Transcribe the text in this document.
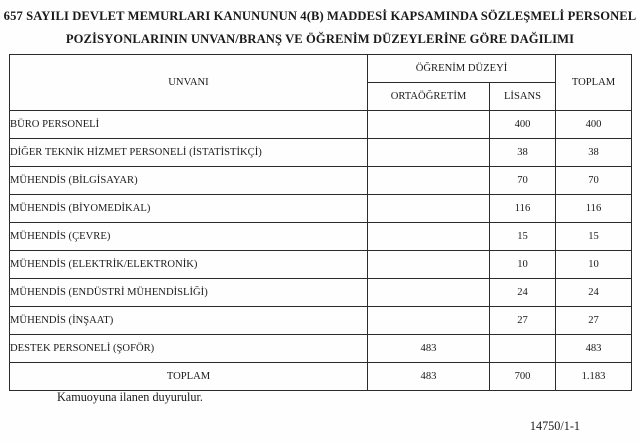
657 SAYILI DEVLET MEMURLARI KANUNUNUN 4(B) MADDESİ KAPSAMINDA SÖZLEŞMELİ PERSONEL
POZİSYONLARININ UNVAN/BRANŞ VE ÖĞRENİM DÜZEYLERİNE GÖRE DAĞILIMI
UNVANI	ÖĞRENİM DÜZEYİ		TOPLAM
	ORTAÖĞRETİM	LİSANS	
BÜRO PERSONELİ		400	400
DİĞER TEKNİK HİZMET PERSONELİ (İSTATİSTİKÇİ)		38	38
MÜHENDİS (BİLGİSAYAR)		70	70
MÜHENDİS (BİYOMEDİKAL)		116	116
MÜHENDİS (ÇEVRE)		15	15
MÜHENDİS (ELEKTRİK/ELEKTRONİK)		10	10
MÜHENDİS (ENDÜSTRİ MÜHENDİSLİĞİ)		24	24
MÜHENDİS (İNŞAAT)		27	27
DESTEK PERSONELİ (ŞOFÖR)	483		483
TOPLAM	483	700	1.183
Kamuoyuna ilanen duyurulur.
14750/1-1
